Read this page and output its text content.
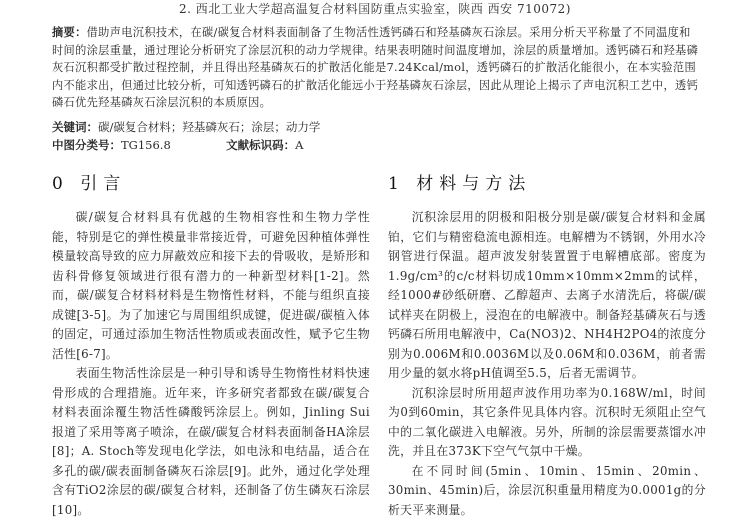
2. 西北工业大学超高温复合材料国防重点实验室，陕西 西安 710072)
摘要：借助声电沉积技术，在碳/碳复合材料表面制备了生物活性透钙磷石和羟基磷灰石涂层。采用分析天平称量了不同温度和时间的涂层重量，通过理论分析研究了涂层沉积的动力学规律。结果表明随时间温度增加，涂层的质量增加。透钙磷石和羟基磷灰石沉积都受扩散过程控制，并且得出羟基磷灰石的扩散活化能是7.24Kcal/mol，透钙磷石的扩散活化能很小，在本实验范围内不能求出，但通过比较分析，可知透钙磷石的扩散活化能远小于羟基磷灰石涂层，因此从理论上揭示了声电沉积工艺中，透钙磷石优先羟基磷灰石涂层沉积的本质原因。
关键词：碳/碳复合材料；羟基磷灰石；涂层；动力学
中图分类号：TG156.8	文献标识码：A
0 引言

碳/碳复合材料具有优越的生物相容性和生物力学性能，特别是它的弹性模量非常接近骨，可避免因种植体弹性模量较高导致的应力屏蔽效应和接下去的骨吸收，是矫形和齿科骨修复领域进行很有潜力的一种新型材料[1-2]。然而，碳/碳复合材料材料是生物惰性材料，不能与组织直接成键[3-5]。为了加速它与周围组织成键，促进碳/碳植入体的固定，可通过添加生物活性物质或表面改性，赋予它生物活性[6-7]。

表面生物活性涂层是一种引导和诱导生物惰性材料快速骨形成的合理措施。近年来，许多研究者都致在碳/碳复合材料表面涂覆生物活性磷酸钙涂层上。例如，Jinling Sui报道了采用等离子喷涂，在碳/碳复合材料表面制备HA涂层[8]；A. Stoch等发现电化学法，如电泳和电结晶，适合在多孔的碳/碳表面制备磷灰石涂层[9]。此外，通过化学处理含有TiO2涂层的碳/碳复合材料，还制备了仿生磷灰石涂层[10]。

1 材料与方法

沉积涂层用的阴极和阳极分别是碳/碳复合材料和金属铂，它们与精密稳流电源相连。电解槽为不锈钢，外用水冷钢管进行保温。超声波发射装置置于电解槽底部。密度为1.9g/cm³的c/c材料切成10mm×10mm×2mm的试样，经1000#砂纸研磨、乙醇超声、去离子水清洗后，将碳/碳试样夹在阴极上，浸泡在的电解液中。制备羟基磷灰石与透钙磷石所用电解液中，Ca(NO3)2、NH4H2PO4的浓度分别为0.006M和0.0036M以及0.06M和0.036M，前者需用少量的氨水将pH值调至5.5，后者无需调节。

沉积涂层时所用超声波作用功率为0.168W/ml，时间为0到60min，其它条件见具体内容。沉积时无须阻止空气中的二氧化碳进入电解液。另外，所制的涂层需要蒸馏水冲洗，并且在373K下空气气氛中干燥。

在不同时间(5min、10min、15min、20min、30min、45min)后，涂层沉积重量用精度为0.0001g的分析天平来测量。
